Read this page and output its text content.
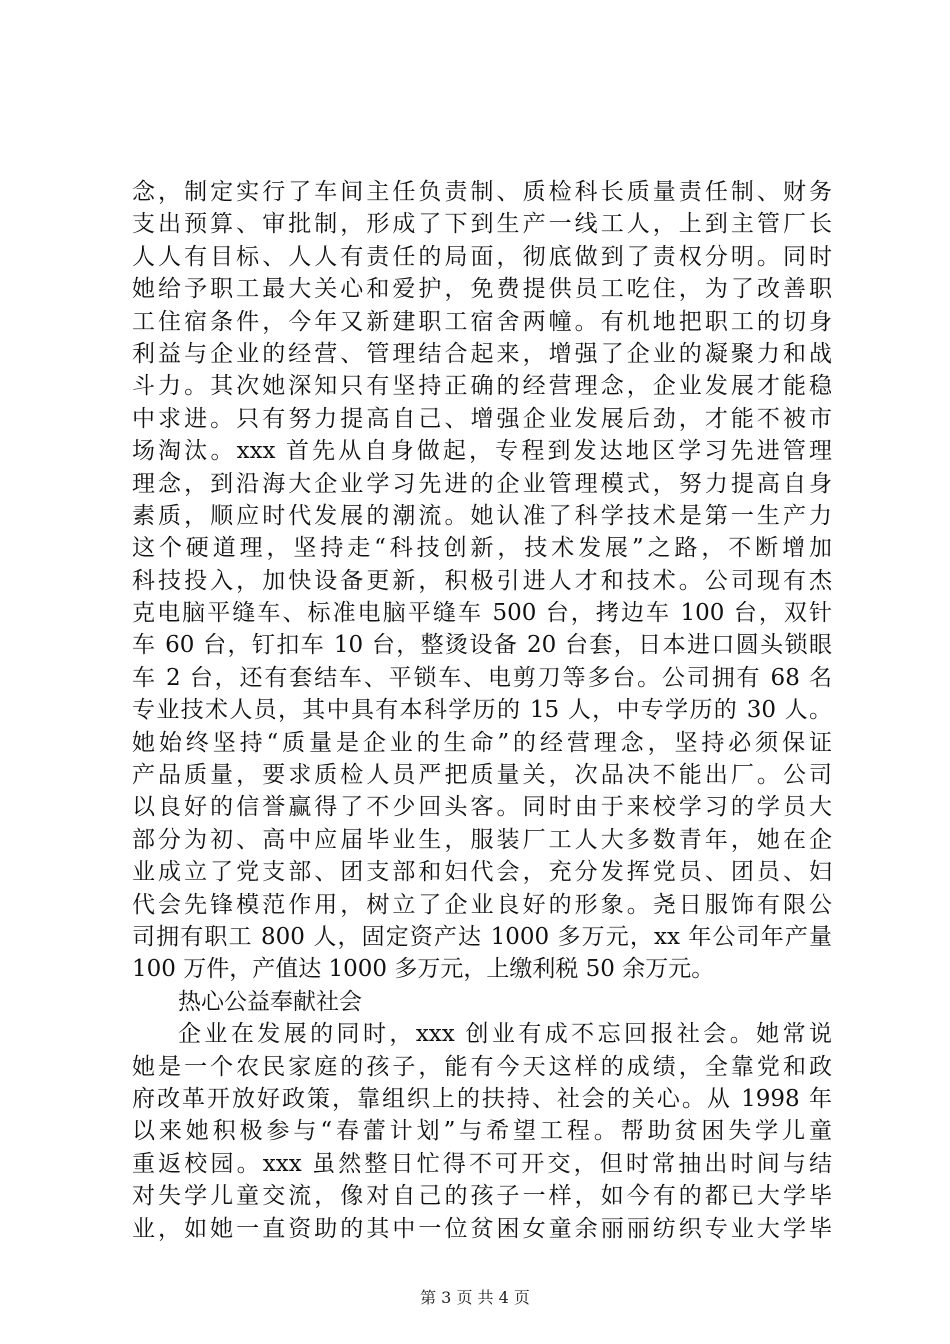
念，制定实行了车间主任负责制、质检科长质量责任制、财务
支出预算、审批制，形成了下到生产一线工人，上到主管厂长
人人有目标、人人有责任的局面，彻底做到了责权分明。同时
她给予职工最大关心和爱护，免费提供员工吃住，为了改善职
工住宿条件，今年又新建职工宿舍两幢。有机地把职工的切身
利益与企业的经营、管理结合起来，增强了企业的凝聚力和战
斗力。其次她深知只有坚持正确的经营理念，企业发展才能稳
中求进。只有努力提高自己、增强企业发展后劲，才能不被市
场淘汰。xxx 首先从自身做起，专程到发达地区学习先进管理
理念，到沿海大企业学习先进的企业管理模式，努力提高自身
素质，顺应时代发展的潮流。她认准了科学技术是第一生产力
这个硬道理，坚持走“科技创新，技术发展”之路，不断增加
科技投入，加快设备更新，积极引进人才和技术。公司现有杰
克电脑平缝车、标准电脑平缝车 500 台，拷边车 100 台，双针
车 60 台，钉扣车 10 台，整烫设备 20 台套，日本进口圆头锁眼
车 2 台，还有套结车、平锁车、电剪刀等多台。公司拥有 68 名
专业技术人员，其中具有本科学历的 15 人，中专学历的 30 人。
她始终坚持“质量是企业的生命”的经营理念，坚持必须保证
产品质量，要求质检人员严把质量关，次品决不能出厂。公司
以良好的信誉赢得了不少回头客。同时由于来校学习的学员大
部分为初、高中应届毕业生，服装厂工人大多数青年，她在企
业成立了党支部、团支部和妇代会，充分发挥党员、团员、妇
代会先锋模范作用，树立了企业良好的形象。尧日服饰有限公
司拥有职工 800 人，固定资产达 1000 多万元，xx 年公司年产量
100 万件，产值达 1000 多万元，上缴利税 50 余万元。
热心公益奉献社会
企业在发展的同时，xxx 创业有成不忘回报社会。她常说
她是一个农民家庭的孩子，能有今天这样的成绩，全靠党和政
府改革开放好政策，靠组织上的扶持、社会的关心。从 1998 年
以来她积极参与“春蕾计划”与希望工程。帮助贫困失学儿童
重返校园。xxx 虽然整日忙得不可开交，但时常抽出时间与结
对失学儿童交流，像对自己的孩子一样，如今有的都已大学毕
业，如她一直资助的其中一位贫困女童余丽丽纺织专业大学毕
第 3 页 共 4 页
